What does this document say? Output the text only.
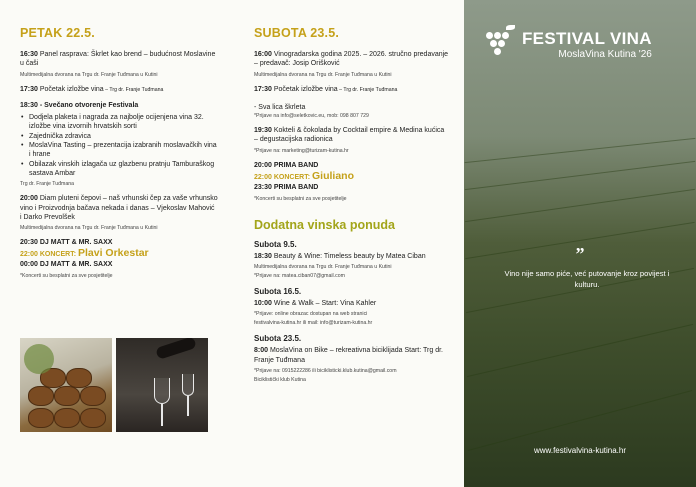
PETAK 22.5.
16:30 Panel rasprava: Škrlet kao brend – budućnost Moslavine u čaši
Multimedijalna dvorana na Trgu dr. Franje Tuđmana u Kutini
17:30 Početak izložbe vina – Trg dr. Franje Tuđmana
18:30 - Svečano otvorenje Festivala
• Dodjela plaketa i nagrada za najbolje ocijenjena vina 32. izložbe vina izvornih hrvatskih sorti
• Zajednička zdravica
• MoslaVina Tasting – prezentacija izabranih moslavačkih vina i hrane
• Obilazak vinskih izlagača uz glazbenu pratnju Tamburaškog sastava Ambar
Trg dr. Franje Tuđmana
20:00 Diam pluteni čepovi – naš vrhunski čep za vaše vrhunsko vino i Proizvodnja bačava nekada i danas – Vjekoslav Mahović i Darko Prevolšek
Multimedijalna dvorana na Trgu dr. Franje Tuđmana u Kutini
20:30 DJ MATT & MR. SAXX
22:00 KONCERT: Plavi Orkestar
00:00 DJ MATT & MR. SAXX
*Koncerti su besplatni za sve posjetitelje
SUBOTA 23.5.
16:00 Vinogradarska godina 2025. – 2026. stručno predavanje – predavač: Josip Orišković
Multimedijalna dvorana na Trgu dr. Franje Tuđmana u Kutini
17:30 Početak izložbe vina – Trg dr. Franje Tuđmana
- Sva lica škrleta
*Prijave na info@seletkovic.eu, mob: 098 807 729
19:30 Kokteli & čokolada by Cocktail empire & Medina kućica – degustacijska radionica
*Prijave na: marketing@turizam-kutina.hr
20:00 PRIMA BAND
22:00 KONCERT: Giuliano
23:30 PRIMA BAND
*Koncerti su besplatni za sve posjetitelje
Dodatna vinska ponuda
Subota 9.5.
18:30 Beauty & Wine: Timeless beauty by Matea Ciban
Multimedijalna dvorana na Trgu dr. Franje Tuđmana u Kutini
*Prijave na: matea.ciban07@gmail.com
Subota 16.5.
10:00 Wine & Walk – Start: Vina Kahler
*Prijave: online obrazac dostupan na web stranici
festivalvina-kutina.hr ili mail: info@turizam-kutina.hr
Subota 23.5.
8:00 MoslaVina on Bike – rekreativna biciklijada Start: Trg dr. Franje Tuđmana
*Prijave na: 0915222286 ili biciklisticki.klub.kutina@gmail.com
Biciklistički klub Kutina
FESTIVAL VINA
MoslaVina Kutina '26
”
Vino nije samo piće, već putovanje kroz povijest i kulturu.
www.festivalvina-kutina.hr
